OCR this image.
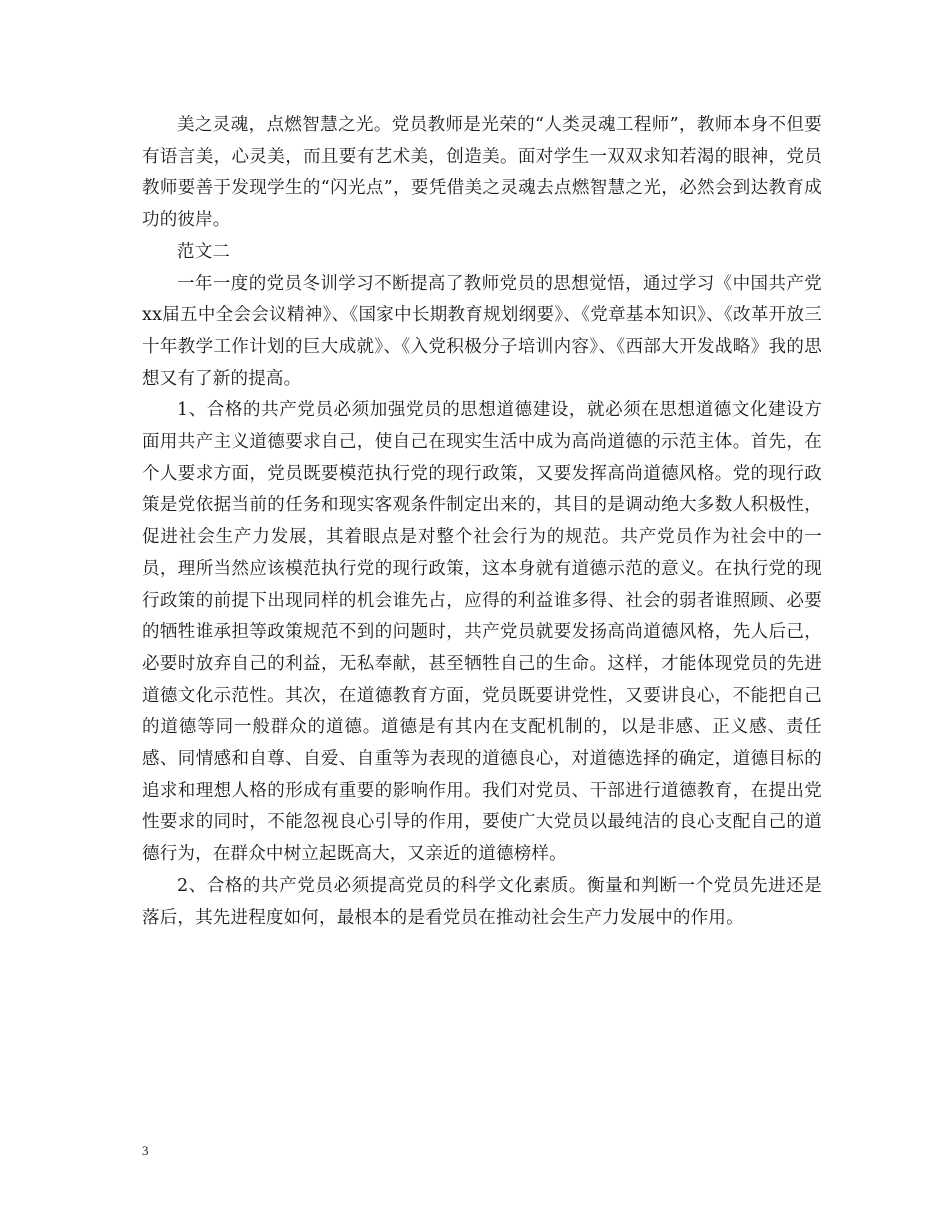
美之灵魂，点燃智慧之光。党员教师是光荣的“人类灵魂工程师”，教师本身不但要有语言美，心灵美，而且要有艺术美，创造美。面对学生一双双求知若渴的眼神，党员教师要善于发现学生的“闪光点”，要凭借美之灵魂去点燃智慧之光，必然会到达教育成功的彼岸。

范文二

一年一度的党员冬训学习不断提高了教师党员的思想觉悟，通过学习《中国共产党xx届五中全会会议精神》、《国家中长期教育规划纲要》、《党章基本知识》、《改革开放三十年教学工作计划的巨大成就》、《入党积极分子培训内容》、《西部大开发战略》我的思想又有了新的提高。

1、合格的共产党员必须加强党员的思想道德建设，就必须在思想道德文化建设方面用共产主义道德要求自己，使自己在现实生活中成为高尚道德的示范主体。首先，在个人要求方面，党员既要模范执行党的现行政策，又要发挥高尚道德风格。党的现行政策是党依据当前的任务和现实客观条件制定出来的，其目的是调动绝大多数人积极性，促进社会生产力发展，其着眼点是对整个社会行为的规范。共产党员作为社会中的一员，理所当然应该模范执行党的现行政策，这本身就有道德示范的意义。在执行党的现行政策的前提下出现同样的机会谁先占，应得的利益谁多得、社会的弱者谁照顾、必要的牺牲谁承担等政策规范不到的问题时，共产党员就要发扬高尚道德风格，先人后己，必要时放弃自己的利益，无私奉献，甚至牺牲自己的生命。这样，才能体现党员的先进道德文化示范性。其次，在道德教育方面，党员既要讲党性，又要讲良心，不能把自己的道德等同一般群众的道德。道德是有其内在支配机制的，以是非感、正义感、责任感、同情感和自尊、自爱、自重等为表现的道德良心，对道德选择的确定，道德目标的追求和理想人格的形成有重要的影响作用。我们对党员、干部进行道德教育，在提出党性要求的同时，不能忽视良心引导的作用，要使广大党员以最纯洁的良心支配自己的道德行为，在群众中树立起既高大，又亲近的道德榜样。

2、合格的共产党员必须提高党员的科学文化素质。衡量和判断一个党员先进还是落后，其先进程度如何，最根本的是看党员在推动社会生产力发展中的作用。

3
